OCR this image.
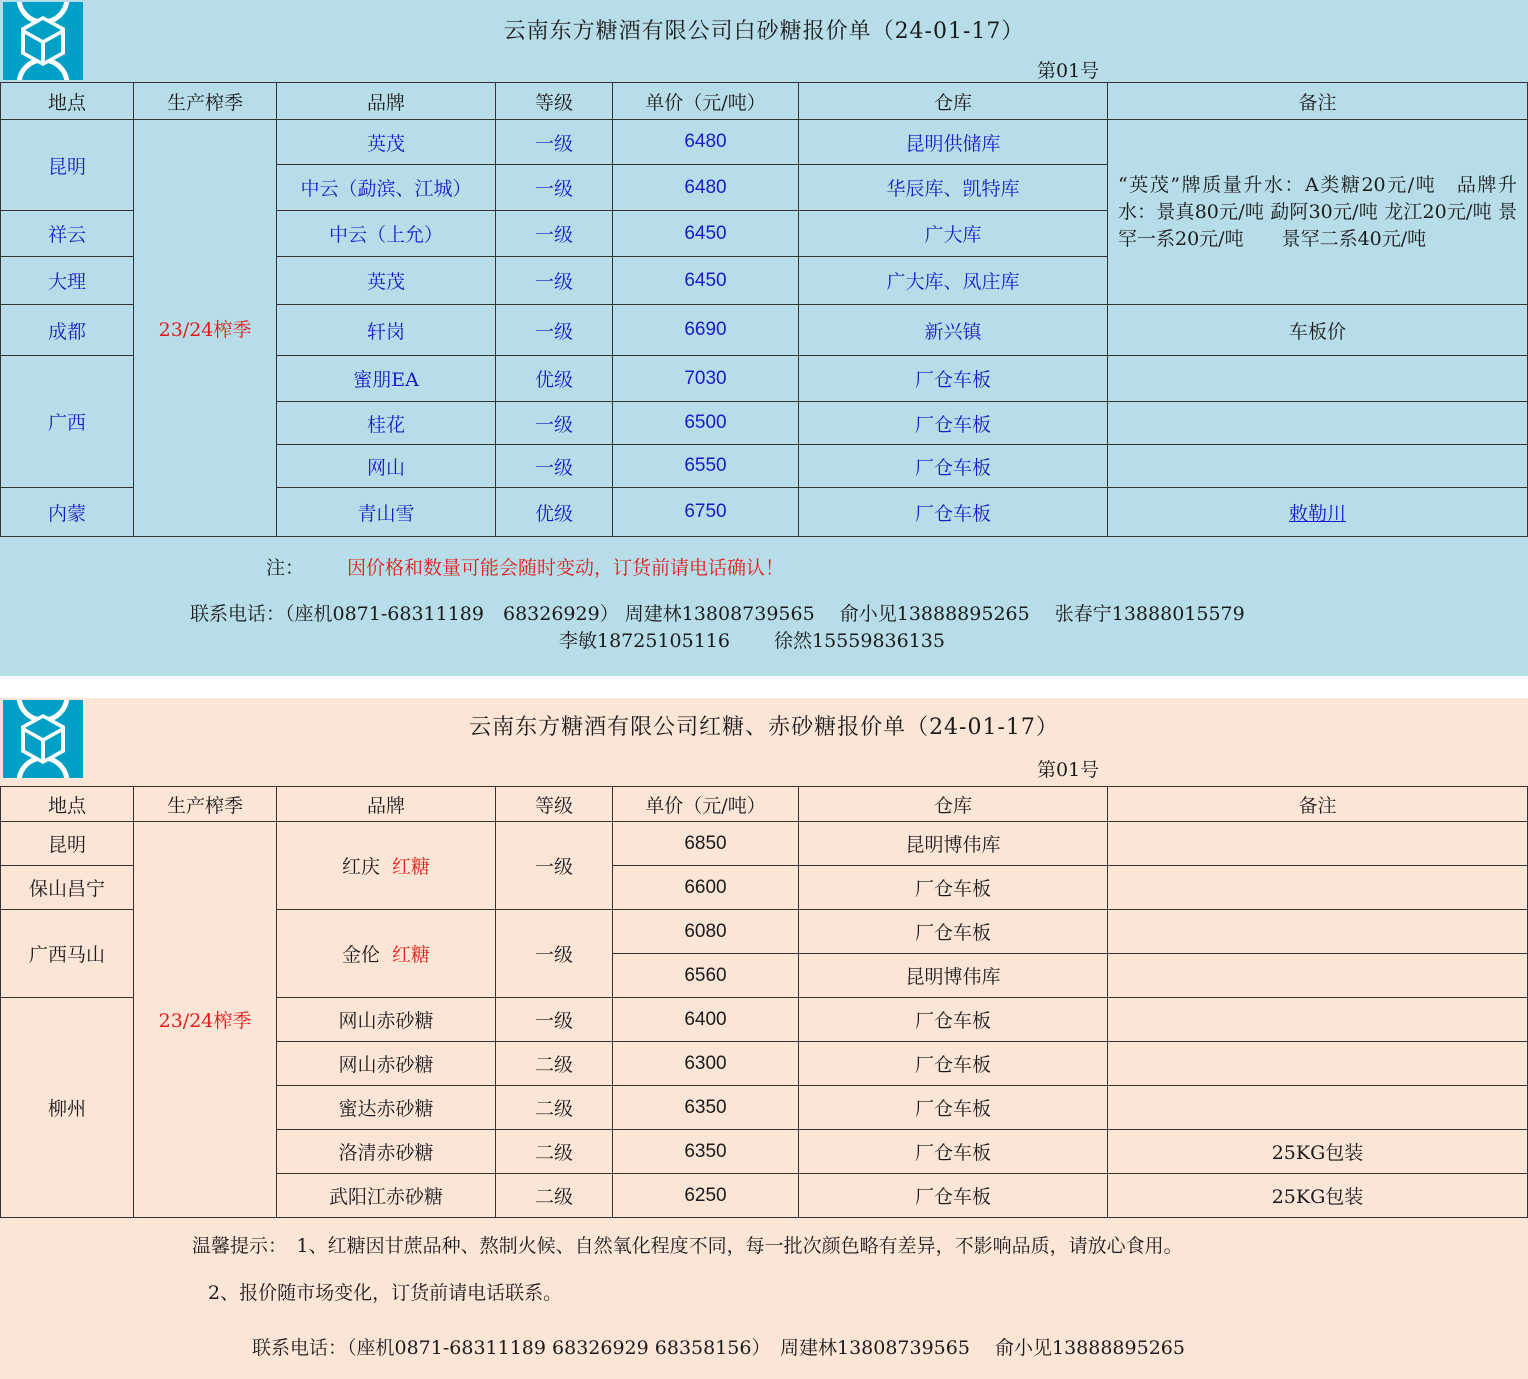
云南东方糖酒有限公司白砂糖报价单（24-01-17）
第01号
地点	生产榨季	品牌	等级	单价（元/吨）	仓库	备注
昆明	23/24榨季	英茂	一级	6480	昆明供储库	“英茂”牌质量升水：A类糖20元/吨　品牌升水：景真80元/吨 勐阿30元/吨 龙江20元/吨 景罕一系20元/吨　　景罕二系40元/吨
		中云（勐滨、江城）	一级	6480	华辰库、凯特库	
祥云		中云（上允）	一级	6450	广大库	
大理		英茂	一级	6450	广大库、凤庄库	
成都		轩岗	一级	6690	新兴镇	车板价
广西		蜜朋EA	优级	7030	厂仓车板	
		桂花	一级	6500	厂仓车板	
		网山	一级	6550	厂仓车板	
内蒙		青山雪	优级	6750	厂仓车板	敕勒川
注： 因价格和数量可能会随时变动，订货前请电话确认！
联系电话：（座机0871-68311189　68326929） 周建林13808739565　 俞小见13888895265　 张春宁13888015579
李敏18725105116　　 徐然15559836135
云南东方糖酒有限公司红糖、赤砂糖报价单（24-01-17）
第01号
地点	生产榨季	品牌	等级	单价（元/吨）	仓库	备注
昆明	23/24榨季	红庆 红糖	一级	6850	昆明博伟库	
保山昌宁				6600	厂仓车板	
广西马山		金伦 红糖	一级	6080	厂仓车板	
				6560	昆明博伟库	
柳州		网山赤砂糖	一级	6400	厂仓车板	
		网山赤砂糖	二级	6300	厂仓车板	
		蜜达赤砂糖	二级	6350	厂仓车板	
		洛清赤砂糖	二级	6350	厂仓车板	25KG包装
		武阳江赤砂糖	二级	6250	厂仓车板	25KG包装
温馨提示：　1、红糖因甘蔗品种、熬制火候、自然氧化程度不同，每一批次颜色略有差异，不影响品质，请放心食用。
2、报价随市场变化，订货前请电话联系。
联系电话：（座机0871-68311189 68326929 68358156）　周建林13808739565　 俞小见13888895265
